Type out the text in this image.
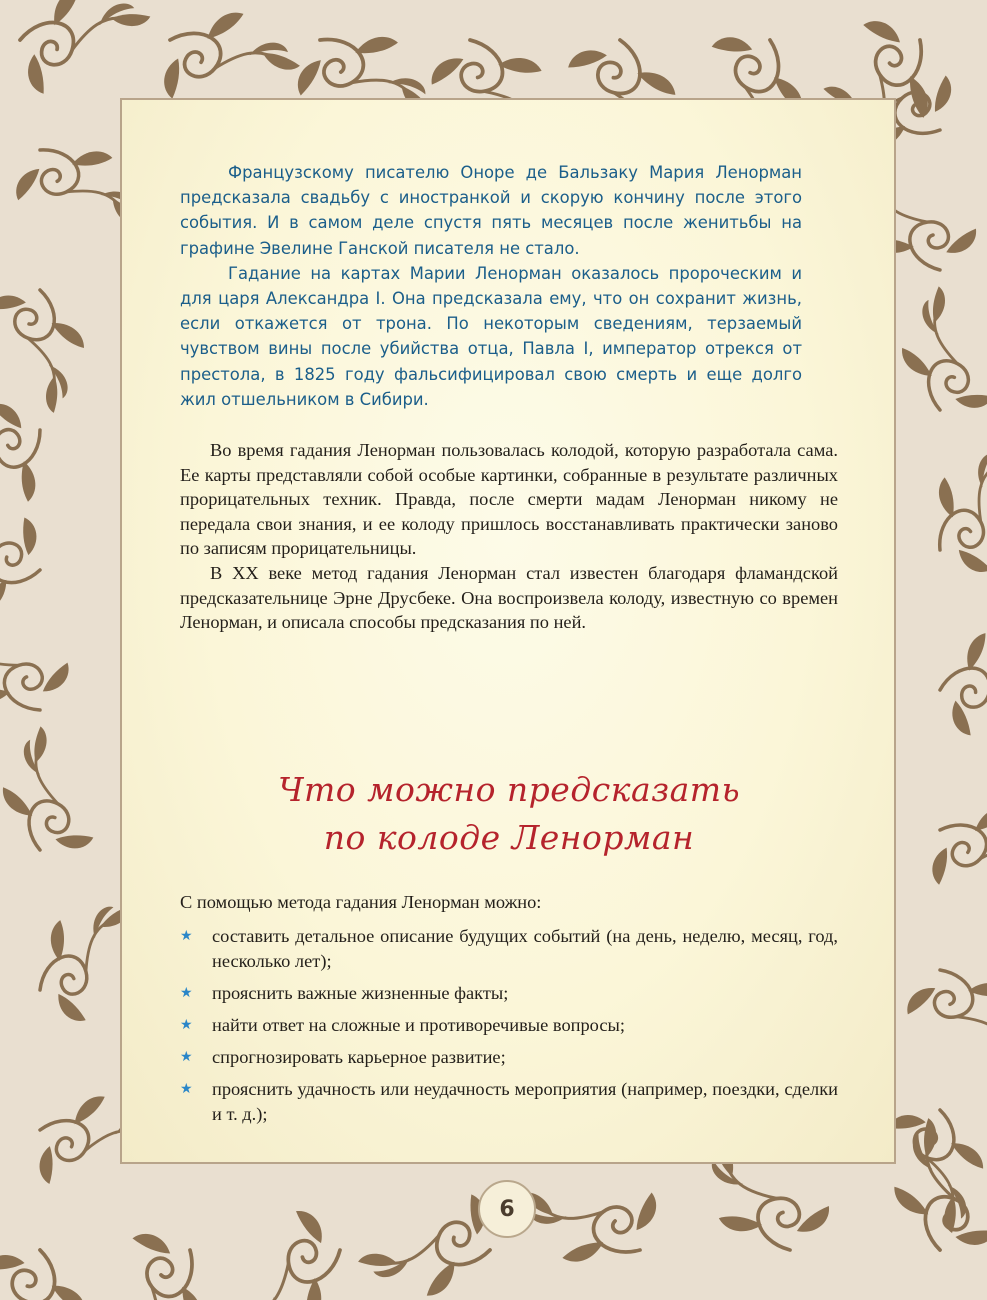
Французскому писателю Оноре де Бальзаку Мария Ленорман предсказала свадьбу с иностранкой и скорую кончину после этого события. И в самом деле спустя пять месяцев после женитьбы на графине Эвелине Ганской писателя не стало.

Гадание на картах Марии Ленорман оказалось пророческим и для царя Александра I. Она предсказала ему, что он сохранит жизнь, если откажется от трона. По некоторым сведениям, терзаемый чувством вины после убийства отца, Павла I, император отрекся от престола, в 1825 году фальсифицировал свою смерть и еще долго жил отшельником в Сибири.

Во время гадания Ленорман пользовалась колодой, которую разработала сама. Ее карты представляли собой особые картинки, собранные в результате различных прорицательных техник. Правда, после смерти мадам Ленорман никому не передала свои знания, и ее колоду пришлось восстанавливать практически заново по записям прорицательницы.

В XX веке метод гадания Ленорман стал известен благодаря фламандской предсказательнице Эрне Друсбеке. Она воспроизвела колоду, известную со времен Ленорман, и описала способы предсказания по ней.

Что можно предсказать
по колоде Ленорман
С помощью метода гадания Ленорман можно:
★ составить детальное описание будущих событий (на день, неделю, месяц, год, несколько лет);
★ прояснить важные жизненные факты;
★ найти ответ на сложные и противоречивые вопросы;
★ спрогнозировать карьерное развитие;
★ прояснить удачность или неудачность мероприятия (например, поездки, сделки и т. д.);
6
